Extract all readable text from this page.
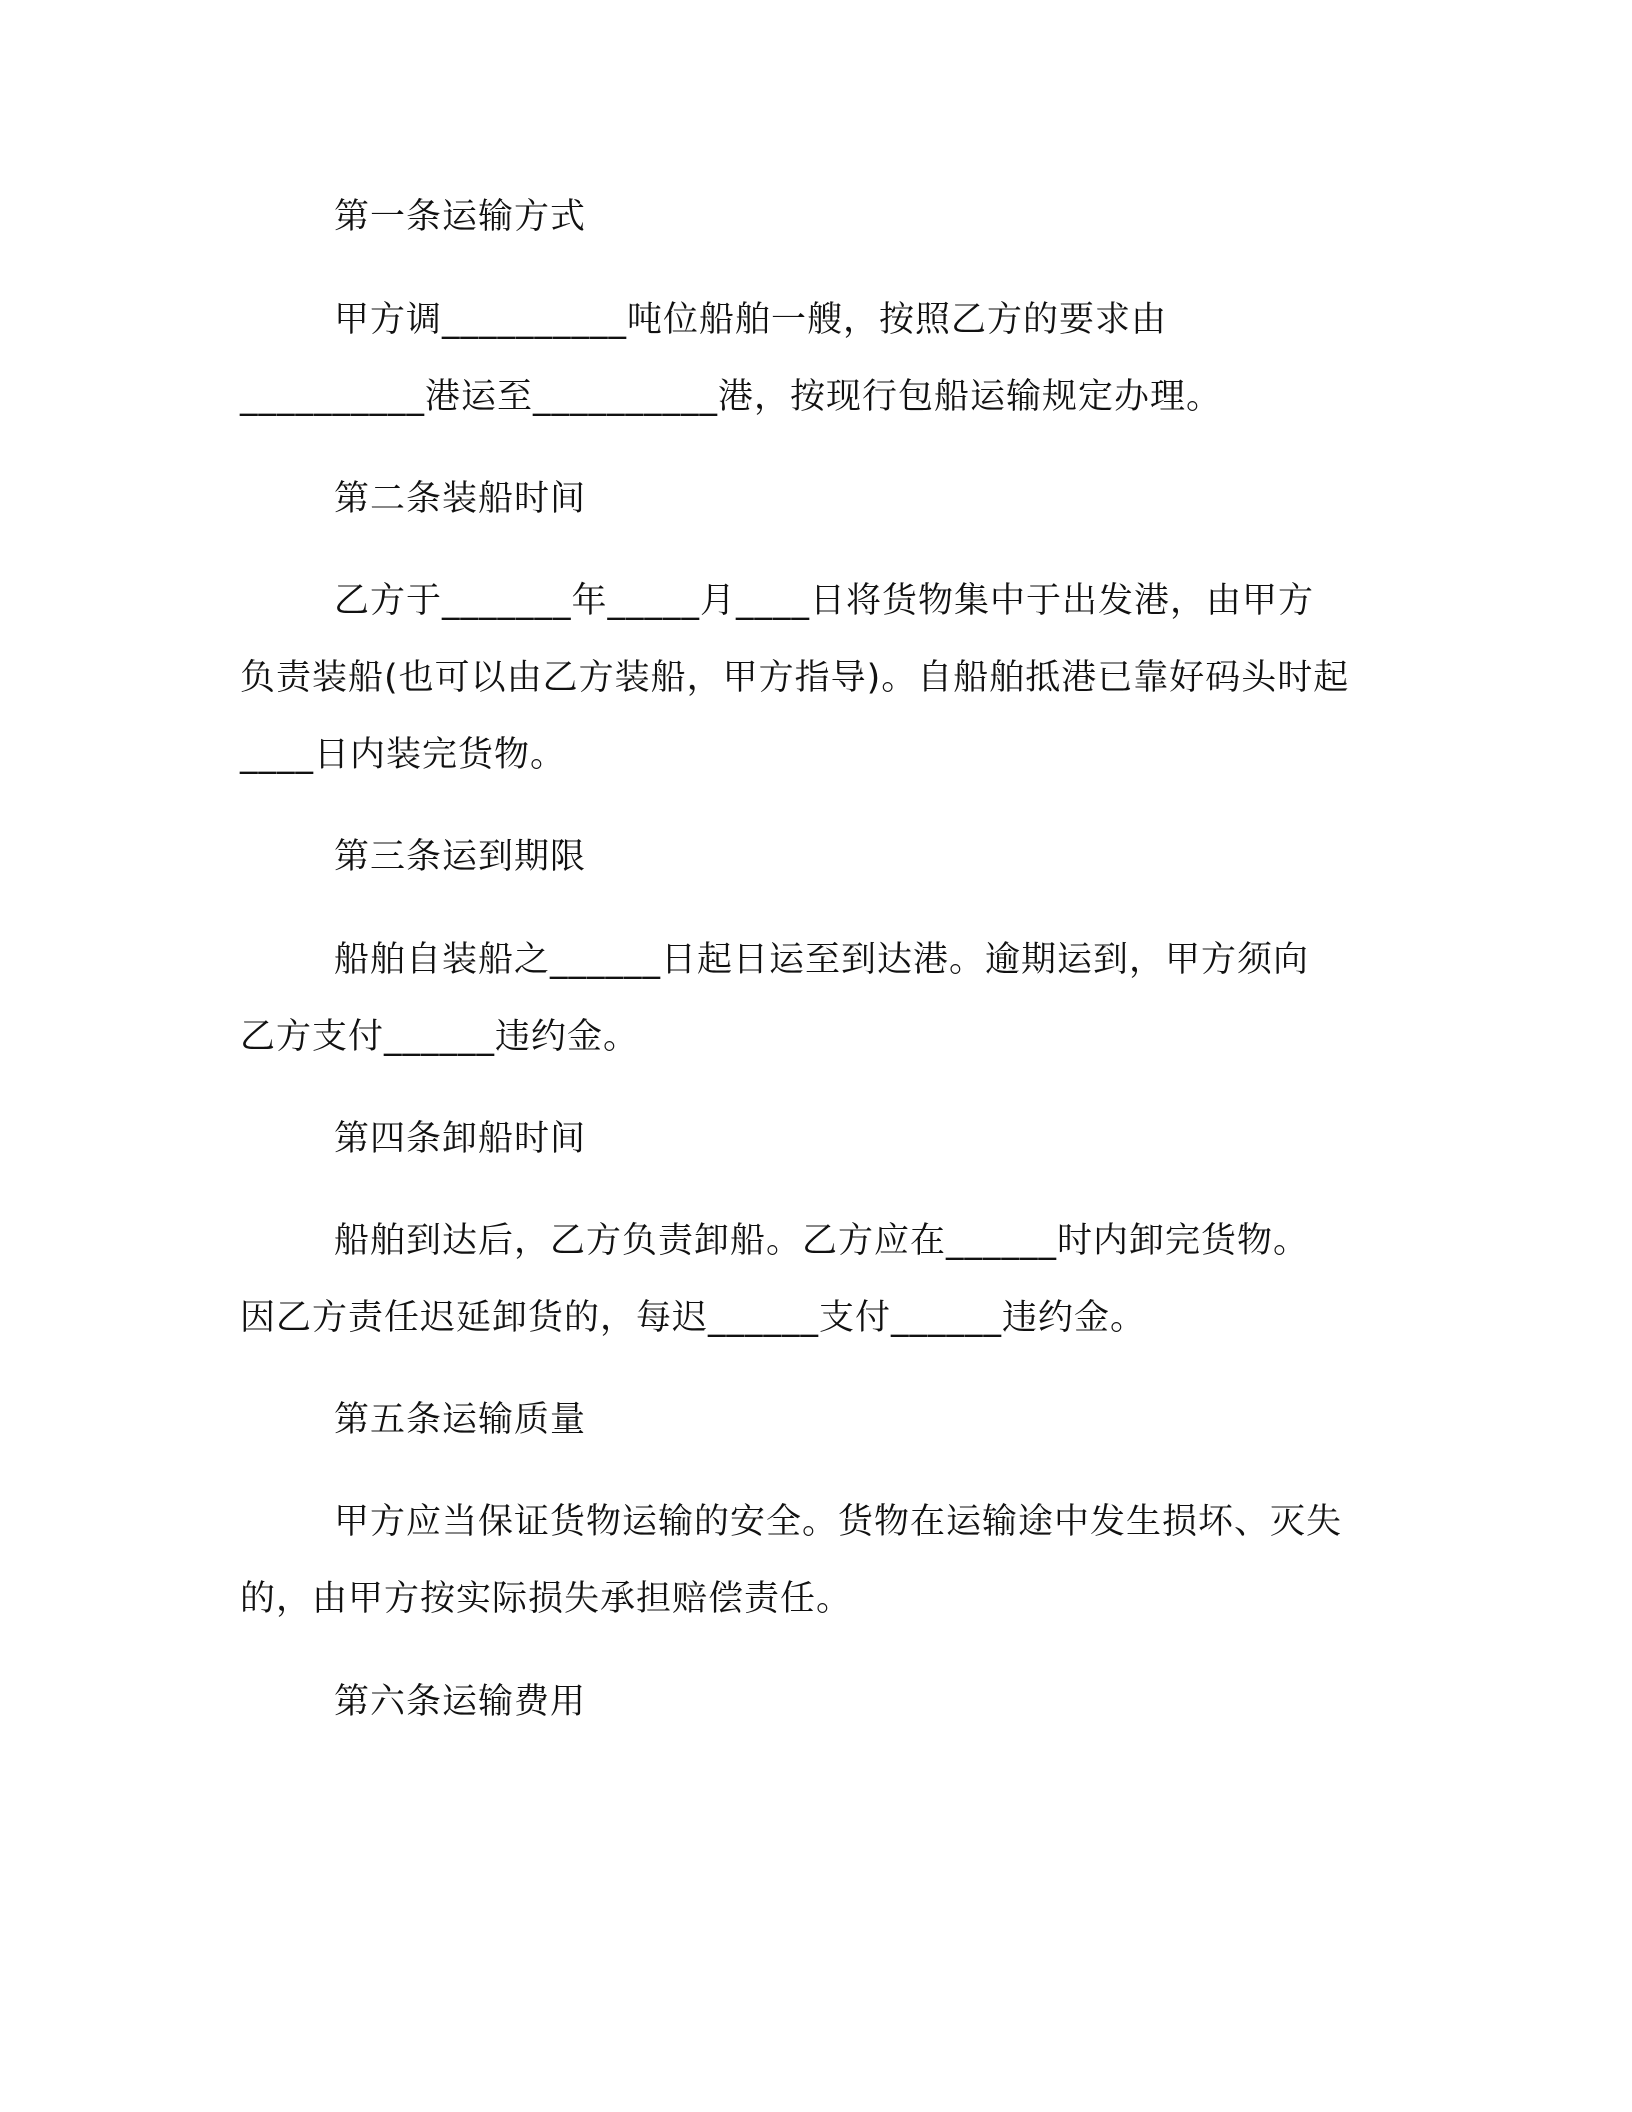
第一条运输方式
甲方调__________吨位船舶一艘，按照乙方的要求由
__________港运至__________港，按现行包船运输规定办理。
第二条装船时间
乙方于_______年_____月____日将货物集中于出发港，由甲方
负责装船(也可以由乙方装船，甲方指导)。自船舶抵港已靠好码头时起
____日内装完货物。
第三条运到期限
船舶自装船之______日起日运至到达港。逾期运到，甲方须向
乙方支付______违约金。
第四条卸船时间
船舶到达后，乙方负责卸船。乙方应在______时内卸完货物。
因乙方责任迟延卸货的，每迟______支付______违约金。
第五条运输质量
甲方应当保证货物运输的安全。货物在运输途中发生损坏、灭失
的，由甲方按实际损失承担赔偿责任。
第六条运输费用
